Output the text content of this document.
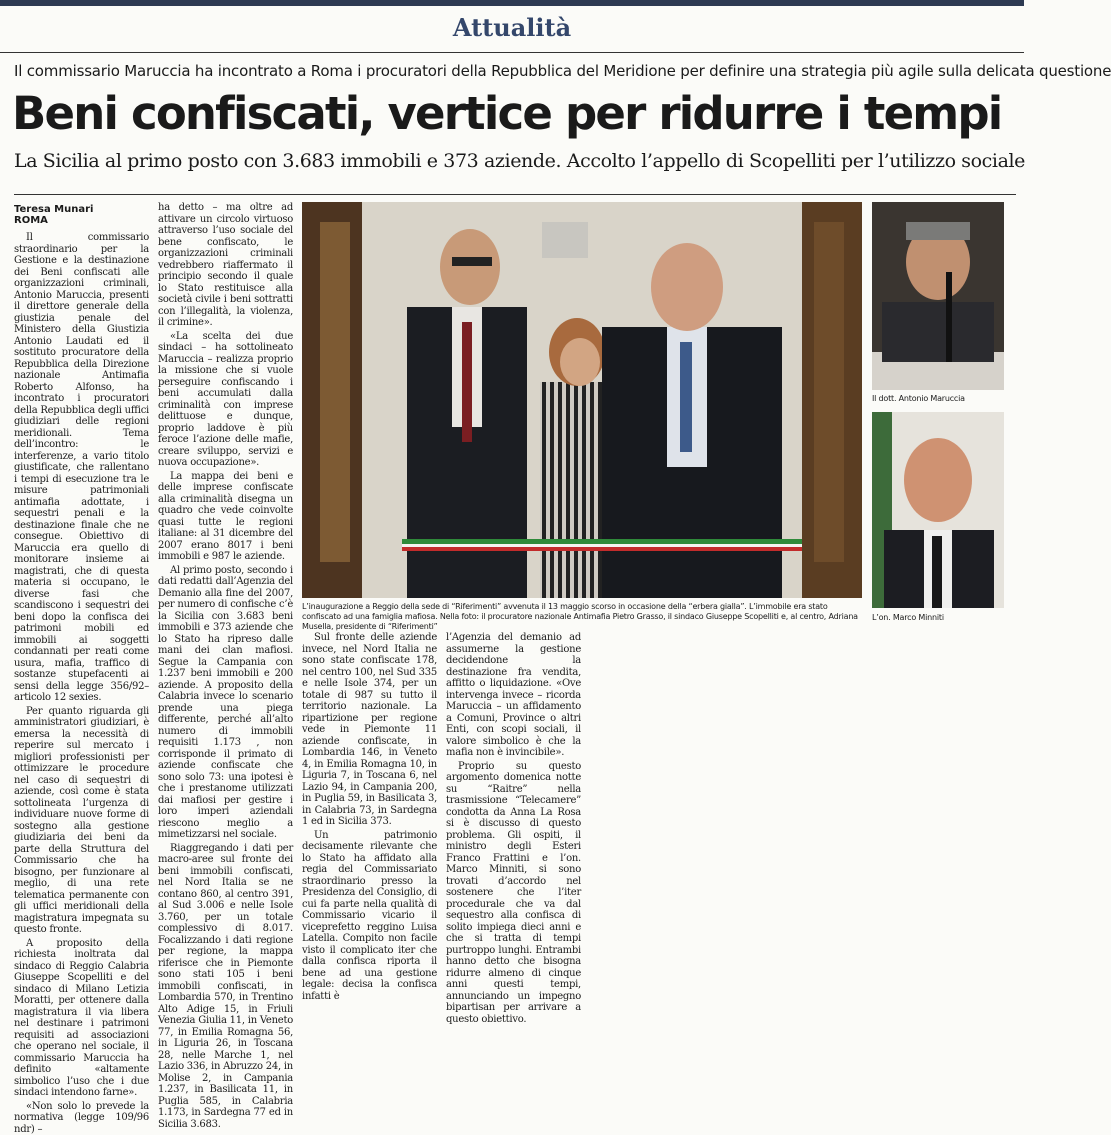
Attualità
Il commissario Maruccia ha incontrato a Roma i procuratori della Repubblica del Meridione per definire una strategia più agile sulla delicata questione
Beni confiscati, vertice per ridurre i tempi
La Sicilia al primo posto con 3.683 immobili e 373 aziende. Accolto l’appello di Scopelliti per l’utilizzo sociale
Teresa Munari
ROMA

Il commissario straordinario per la Gestione e la destinazione dei Beni confiscati alle organizzazioni criminali, Antonio Maruccia, presenti il direttore generale della giustizia penale del Ministero della Giustizia Antonio Laudati ed il sostituto procuratore della Repubblica della Direzione nazionale Antimafia Roberto Alfonso, ha incontrato i procuratori della Repubblica degli uffici giudiziari delle regioni meridionali. Tema dell’incontro: le interferenze, a vario titolo giustificate, che rallentano i tempi di esecuzione tra le misure patrimoniali antimafia adottate, i sequestri penali e la destinazione finale che ne consegue. Obiettivo di Maruccia era quello di monitorare insieme ai magistrati, che di questa materia si occupano, le diverse fasi che scandiscono i sequestri dei beni dopo la confisca dei patrimoni mobili ed immobili ai soggetti condannati per reati come usura, mafia, traffico di sostanze stupefacenti ai sensi della legge 356/92–articolo 12 sexies.

Per quanto riguarda gli amministratori giudiziari, è emersa la necessità di reperire sul mercato i migliori professionisti per ottimizzare le procedure nel caso di sequestri di aziende, così come è stata sottolineata l’urgenza di individuare nuove forme di sostegno alla gestione giudiziaria dei beni da parte della Struttura del Commissario che ha bisogno, per funzionare al meglio, di una rete telematica permanente con gli uffici meridionali della magistratura impegnata su questo fronte.

A proposito della richiesta inoltrata dal sindaco di Reggio Calabria Giuseppe Scopelliti e del sindaco di Milano Letizia Moratti, per ottenere dalla magistratura il via libera nel destinare i patrimoni requisiti ad associazioni che operano nel sociale, il commissario Maruccia ha definito «altamente simbolico l’uso che i due sindaci intendono farne».

«Non solo lo prevede la normativa (legge 109/96 ndr) –

ha detto – ma oltre ad attivare un circolo virtuoso attraverso l’uso sociale del bene confiscato, le organizzazioni criminali vedrebbero riaffermato il principio secondo il quale lo Stato restituisce alla società civile i beni sottratti con l’illegalità, la violenza, il crimine».

«La scelta dei due sindaci – ha sottolineato Maruccia – realizza proprio la missione che si vuole perseguire confiscando i beni accumulati dalla criminalità con imprese delittuose e dunque, proprio laddove è più feroce l’azione delle mafie, creare sviluppo, servizi e nuova occupazione».

La mappa dei beni e delle imprese confiscate alla criminalità disegna un quadro che vede coinvolte quasi tutte le regioni italiane: al 31 dicembre del 2007 erano 8017 i beni immobili e 987 le aziende.

Al primo posto, secondo i dati redatti dall’Agenzia del Demanio alla fine del 2007, per numero di confische c’è la Sicilia con 3.683 beni immobili e 373 aziende che lo Stato ha ripreso dalle mani dei clan mafiosi. Segue la Campania con 1.237 beni immobili e 200 aziende. A proposito della Calabria invece lo scenario prende una piega differente, perché all’alto numero di immobili requisiti 1.173 , non corrisponde il primato di aziende confiscate che sono solo 73: una ipotesi è che i prestanome utilizzati dai mafiosi per gestire i loro imperi aziendali riescono meglio a mimetizzarsi nel sociale.

Riaggregando i dati per macro-aree sul fronte dei beni immobili confiscati, nel Nord Italia se ne contano 860, al centro 391, al Sud 3.006 e nelle Isole 3.760, per un totale complessivo di 8.017. Focalizzando i dati regione per regione, la mappa riferisce che in Piemonte sono stati 105 i beni immobili confiscati, in Lombardia 570, in Trentino Alto Adige 15, in Friuli Venezia Giulia 11, in Veneto 77, in Emilia Romagna 56, in Liguria 26, in Toscana 28, nelle Marche 1, nel Lazio 336, in Abruzzo 24, in Molise 2, in Campania 1.237, in Basilicata 11, in Puglia 585, in Calabria 1.173, in Sardegna 77 ed in Sicilia 3.683.

L’inaugurazione a Reggio della sede di “Riferimenti” avvenuta il 13 maggio scorso in occasione della “erbera gialla”. L’immobile era stato confiscato ad una famiglia mafiosa. Nella foto: il procuratore nazionale Antimafia Pietro Grasso, il sindaco Giuseppe Scopelliti e, al centro, Adriana Musella, presidente di “Riferimenti”
Il dott. Antonio Maruccia
L’on. Marco Minniti

Sul fronte delle aziende invece, nel Nord Italia ne sono state confiscate 178, nel centro 100, nel Sud 335 e nelle Isole 374, per un totale di 987 su tutto il territorio nazionale. La ripartizione per regione vede in Piemonte 11 aziende confiscate, in Lombardia 146, in Veneto 4, in Emilia Romagna 10, in Liguria 7, in Toscana 6, nel Lazio 94, in Campania 200, in Puglia 59, in Basilicata 3, in Calabria 73, in Sardegna 1 ed in Sicilia 373.

Un patrimonio decisamente rilevante che lo Stato ha affidato alla regia del Commissariato straordinario presso la Presidenza del Consiglio, di cui fa parte nella qualità di Commissario vicario il viceprefetto reggino Luisa Latella. Compito non facile visto il complicato iter che dalla confisca riporta il bene ad una gestione legale: decisa la confisca infatti è

l’Agenzia del demanio ad assumerne la gestione decidendone la destinazione fra vendita, affitto o liquidazione. «Ove intervenga invece – ricorda Maruccia – un affidamento a Comuni, Province o altri Enti, con scopi sociali, il valore simbolico è che la mafia non è invincibile».

Proprio su questo argomento domenica notte su “Raitre” nella trasmissione “Telecamere” condotta da Anna La Rosa si è discusso di questo problema. Gli ospiti, il ministro degli Esteri Franco Frattini e l’on. Marco Minniti, si sono trovati d’accordo nel sostenere che l’iter procedurale che va dal sequestro alla confisca di solito impiega dieci anni e che si tratta di tempi purtroppo lunghi. Entrambi hanno detto che bisogna ridurre almeno di cinque anni questi tempi, annunciando un impegno bipartisan per arrivare a questo obiettivo.
